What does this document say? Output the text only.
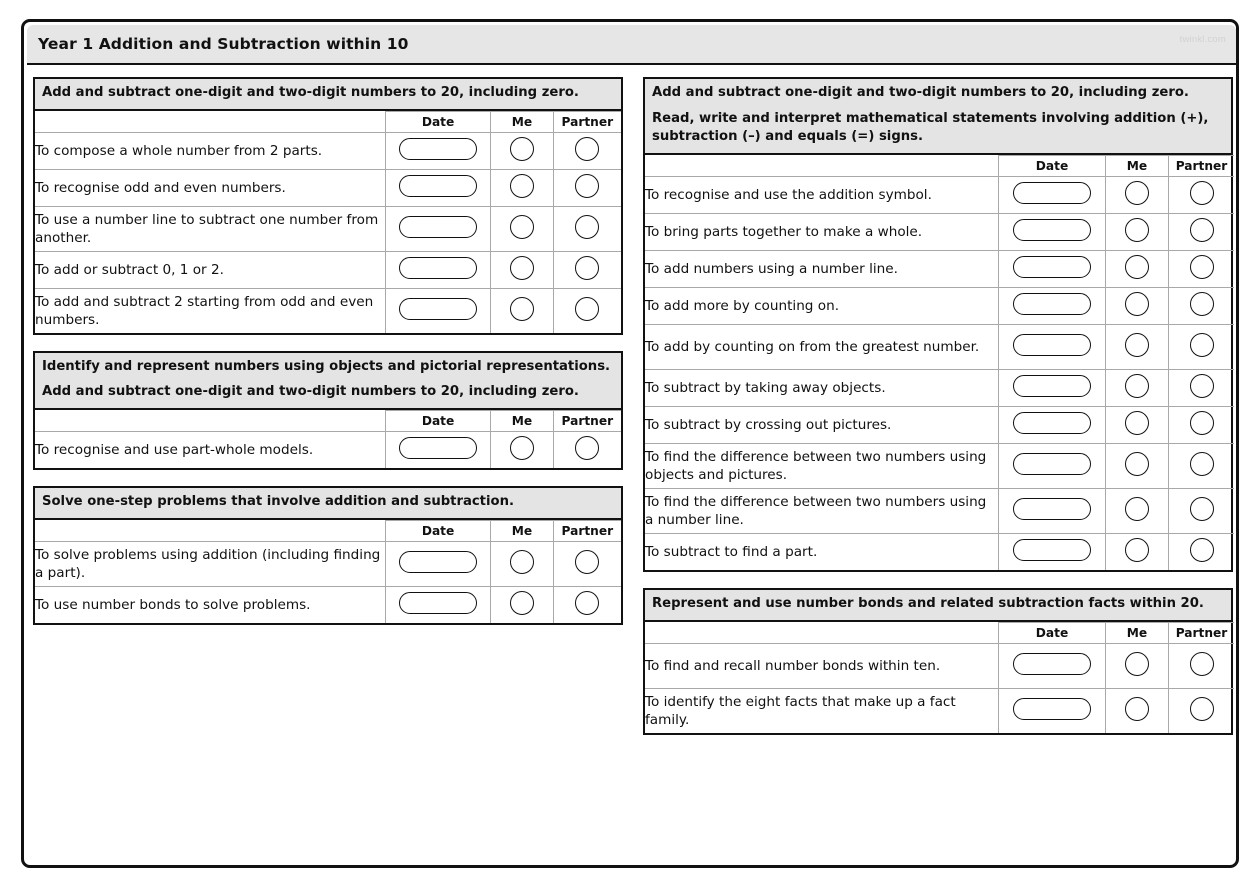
Year 1 Addition and Subtraction within 10	twinkl.com
Add and subtract one-digit and two-digit numbers to 20, including zero.
	Date	Me	Partner
To compose a whole number from 2 parts.			
To recognise odd and even numbers.			
To use a number line to subtract one number from another.			
To add or subtract 0, 1 or 2.			
To add and subtract 2 starting from odd and even numbers.			
Identify and represent numbers using objects and pictorial representations.
Add and subtract one-digit and two-digit numbers to 20, including zero.
	Date	Me	Partner
To recognise and use part-whole models.			
Solve one-step problems that involve addition and subtraction.
	Date	Me	Partner
To solve problems using addition (including finding a part).			
To use number bonds to solve problems.			
Add and subtract one-digit and two-digit numbers to 20, including zero.
Read, write and interpret mathematical statements involving addition (+), subtraction (–) and equals (=) signs.
	Date	Me	Partner
To recognise and use the addition symbol.			
To bring parts together to make a whole.			
To add numbers using a number line.			
To add more by counting on.			
To add by counting on from the greatest number.			
To subtract by taking away objects.			
To subtract by crossing out pictures.			
To find the difference between two numbers using objects and pictures.			
To find the difference between two numbers using a number line.			
To subtract to find a part.			
Represent and use number bonds and related subtraction facts within 20.
	Date	Me	Partner
To find and recall number bonds within ten.			
To identify the eight facts that make up a fact family.			
